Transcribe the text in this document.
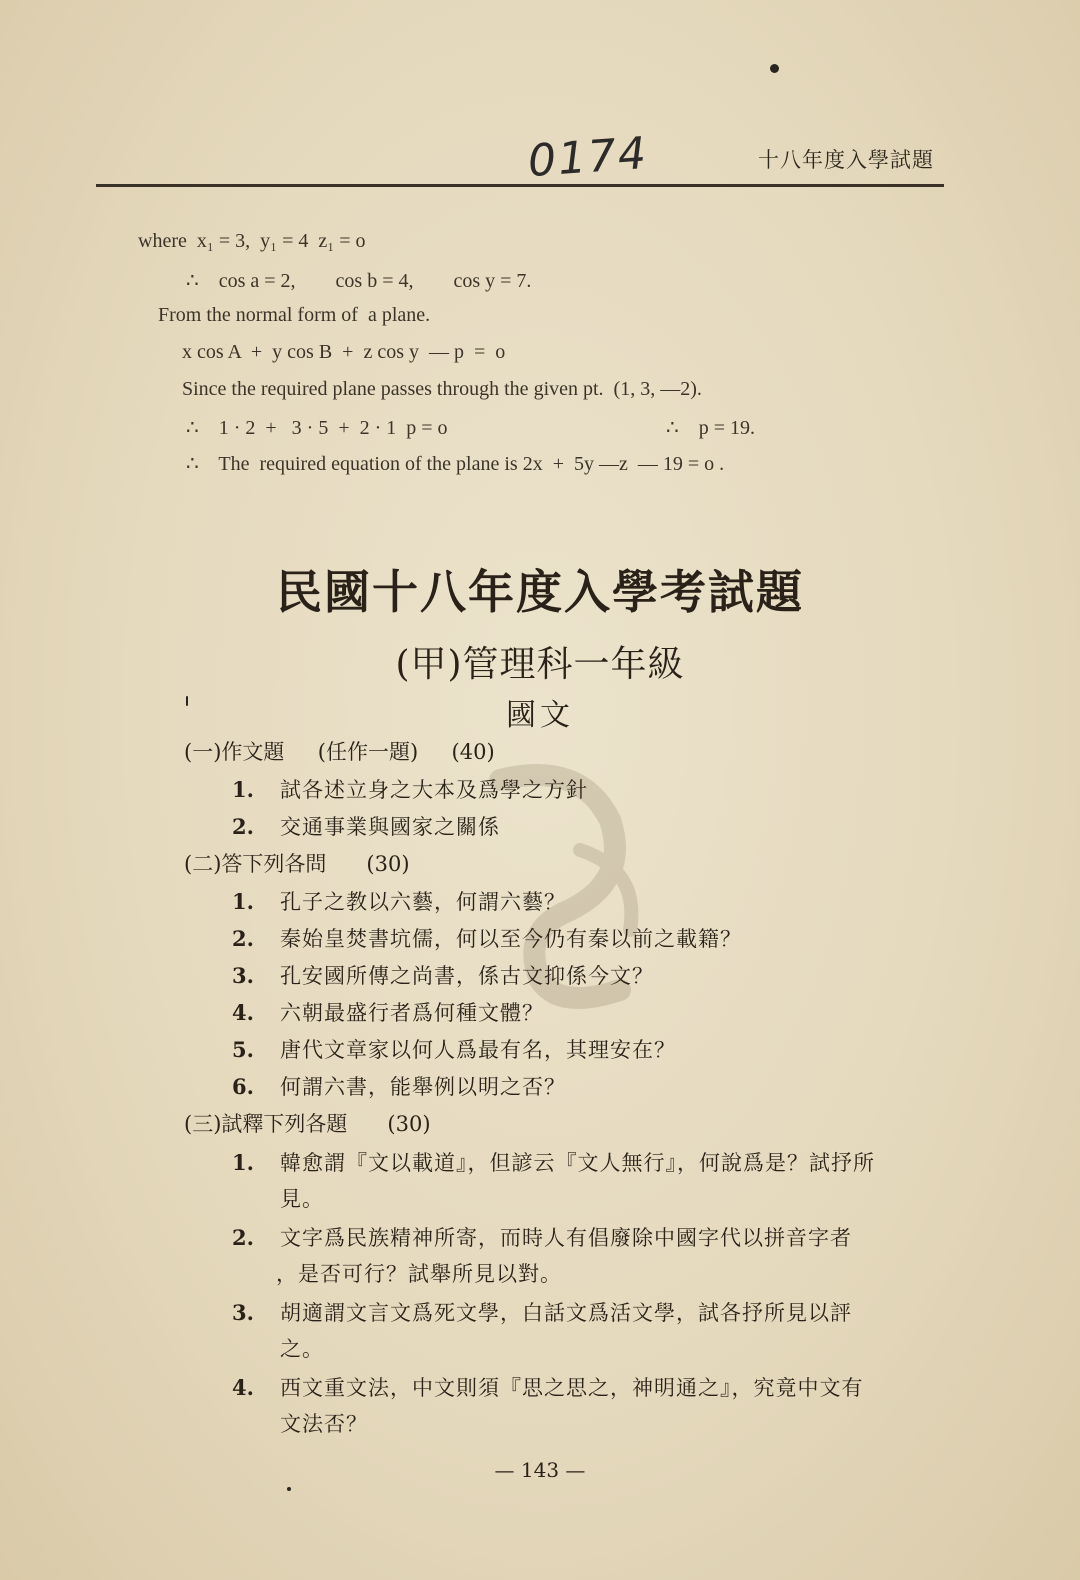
0174	十八年度入學試題
where  x₁ = 3,  y₁ = 4  z₁ = o
∴    cos a = 2,        cos b = 4,        cos y = 7.
From the normal form of  a plane.
x cos A  +  y cos B  +  z cos y  — p  =  o
Since the required plane passes through the given pt.  (1, 3, —2).
∴    1 · 2  +   3 · 5  +  2 · 1  p = o	∴    p = 19.
∴    The  required equation of the plane is 2x  +  5y —z  — 19 = o .
民國十八年度入學考試題
(甲)管理科一年級
國文
(一)作文題     (任作一題)     (40)
1. 試各述立身之大本及爲學之方針
2. 交通事業與國家之關係
(二)答下列各問      (30)
1. 孔子之教以六藝，何謂六藝？
2. 秦始皇焚書坑儒，何以至今仍有秦以前之載籍？
3. 孔安國所傳之尚書，係古文抑係今文？
4. 六朝最盛行者爲何種文體？
5. 唐代文章家以何人爲最有名，其理安在？
6. 何謂六書，能舉例以明之否？
(三)試釋下列各題      (30)
1. 韓愈謂『文以載道』，但諺云『文人無行』，何說爲是？試抒所
見。
2. 文字爲民族精神所寄，而時人有倡廢除中國字代以拼音字者
，是否可行？試舉所見以對。
3. 胡適謂文言文爲死文學，白話文爲活文學，試各抒所見以評
之。
4. 西文重文法，中文則須『思之思之，神明通之』，究竟中文有
文法否？
— 143 —
